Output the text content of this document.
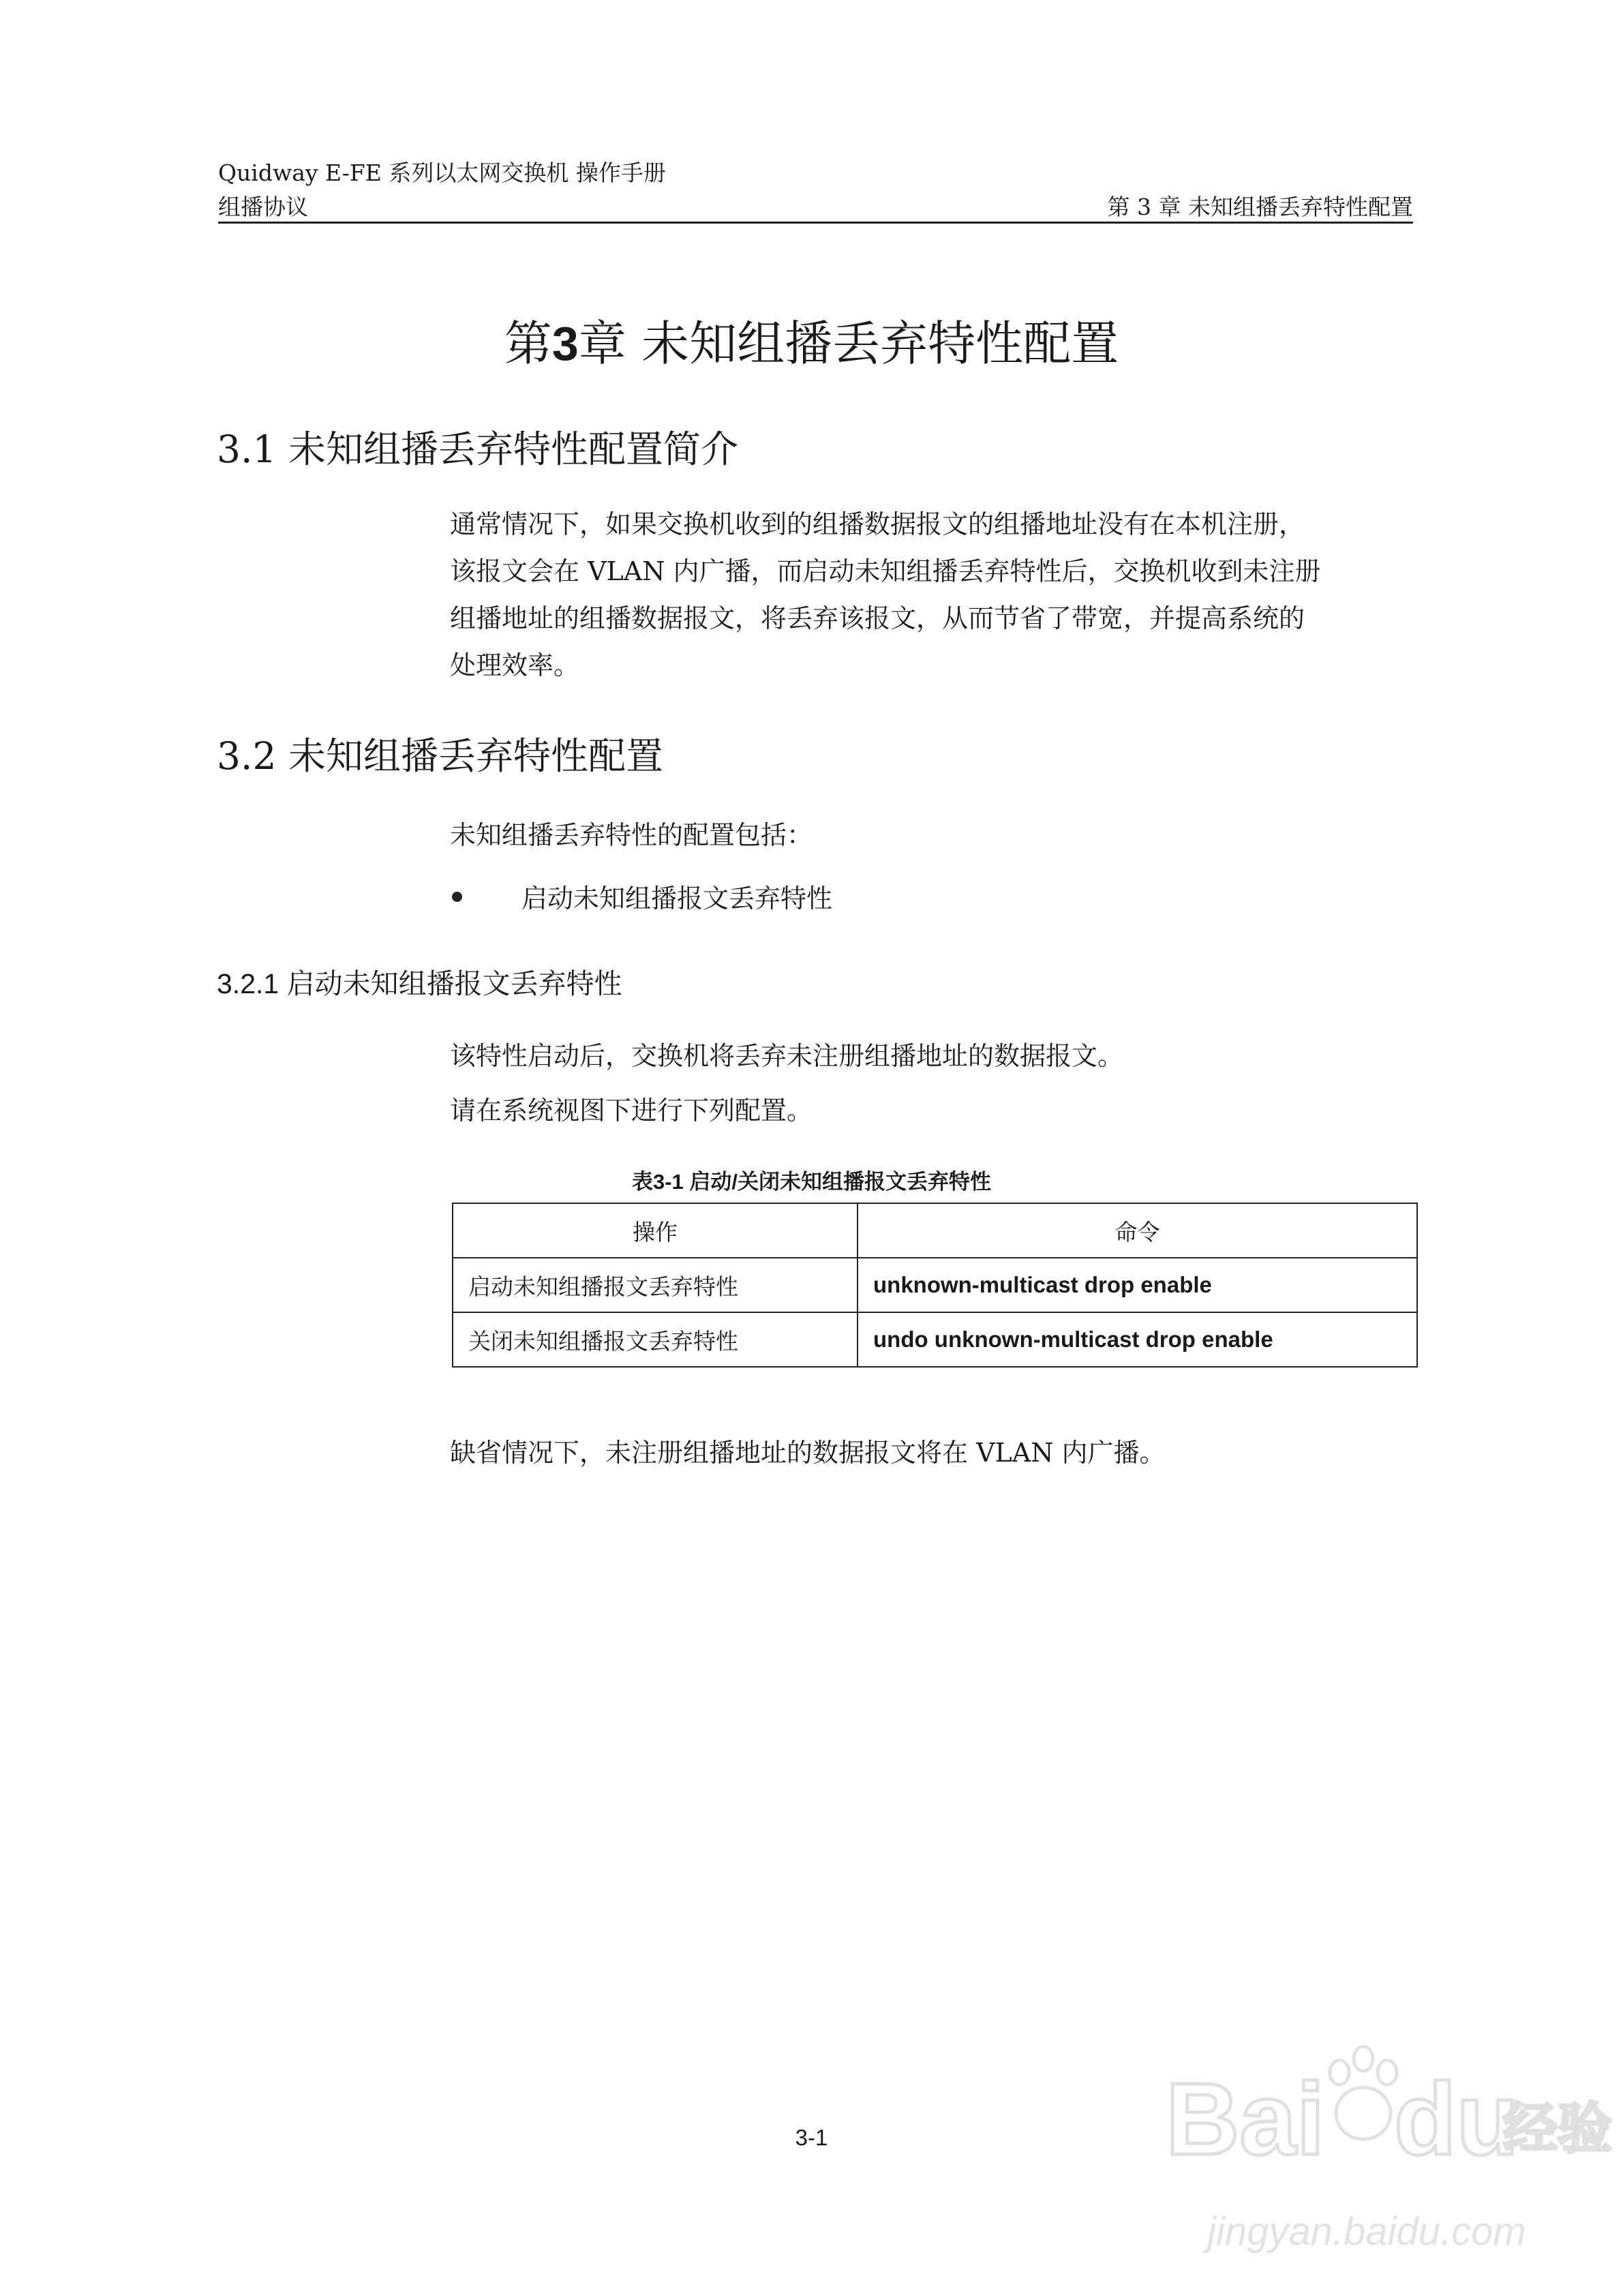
Quidway E-FE 系列以太网交换机 操作手册
组播协议	第 3 章 未知组播丢弃特性配置
第3章 未知组播丢弃特性配置
3.1 未知组播丢弃特性配置简介
通常情况下，如果交换机收到的组播数据报文的组播地址没有在本机注册，
该报文会在 VLAN 内广播，而启动未知组播丢弃特性后，交换机收到未注册
组播地址的组播数据报文，将丢弃该报文，从而节省了带宽，并提高系统的
处理效率。
3.2 未知组播丢弃特性配置
未知组播丢弃特性的配置包括：
启动未知组播报文丢弃特性
3.2.1 启动未知组播报文丢弃特性
该特性启动后，交换机将丢弃未注册组播地址的数据报文。
请在系统视图下进行下列配置。
表3-1 启动/关闭未知组播报文丢弃特性
操作	命令
启动未知组播报文丢弃特性	unknown-multicast drop enable
关闭未知组播报文丢弃特性	undo unknown-multicast drop enable
缺省情况下，未注册组播地址的数据报文将在 VLAN 内广播。
3-1	Bai du
经验
jingyan.baidu.com
